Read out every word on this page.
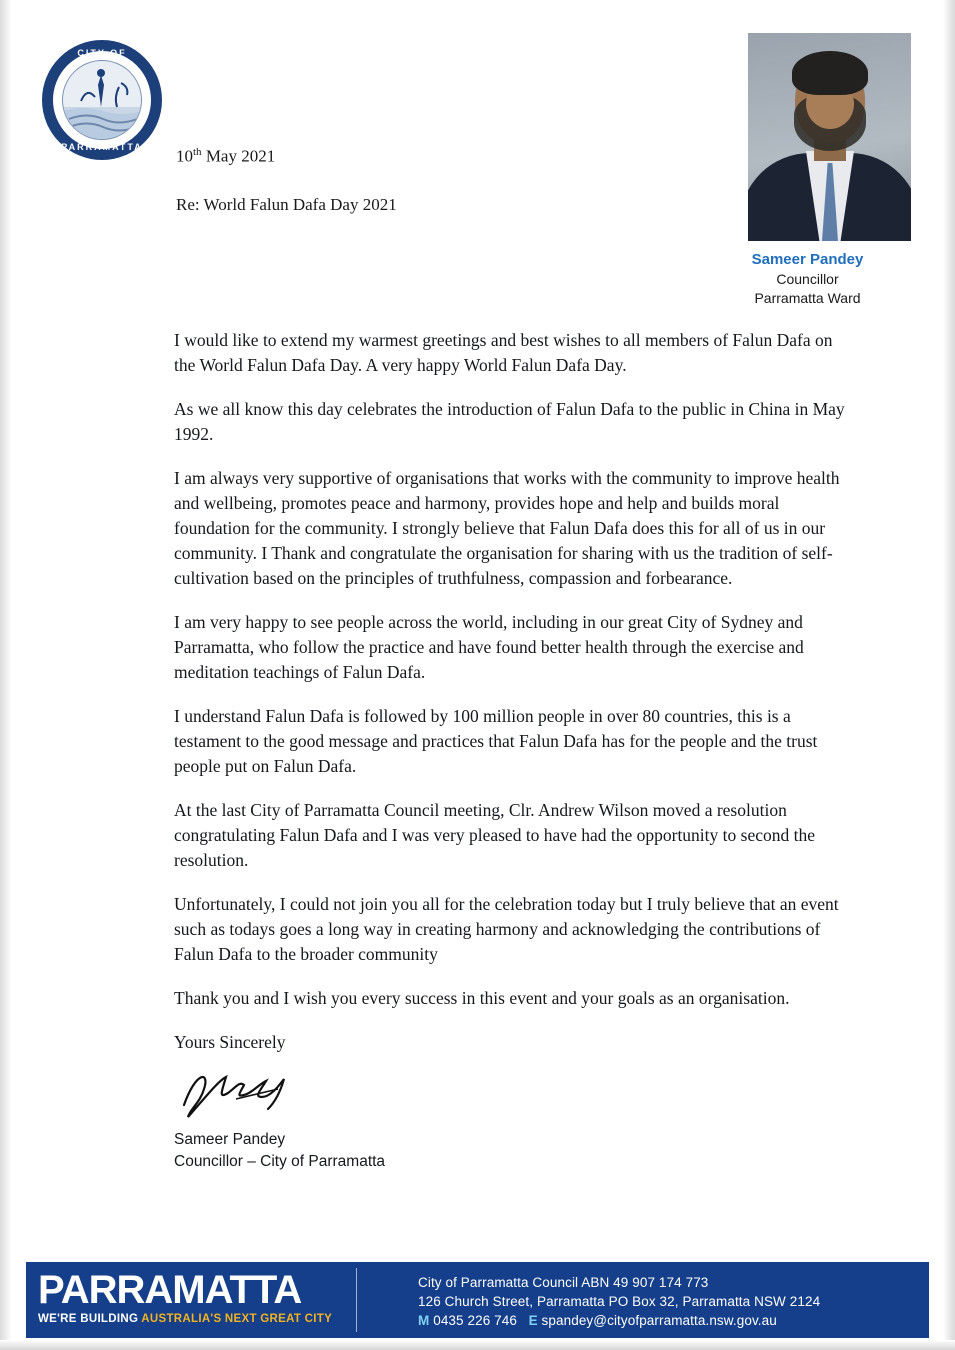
CITY OF
PARRAMATTA	10th May 2021
Re: World Falun Dafa Day 2021
Sameer Pandey
Councillor
Parramatta Ward

I would like to extend my warmest greetings and best wishes to all members of Falun Dafa on the World Falun Dafa Day. A very happy World Falun Dafa Day.

As we all know this day celebrates the introduction of Falun Dafa to the public in China in May 1992.

I am always very supportive of organisations that works with the community to improve health and wellbeing, promotes peace and harmony, provides hope and help and builds moral foundation for the community. I strongly believe that Falun Dafa does this for all of us in our community. I Thank and congratulate the organisation for sharing with us the tradition of self-cultivation based on the principles of truthfulness, compassion and forbearance.

I am very happy to see people across the world, including in our great City of Sydney and Parramatta, who follow the practice and have found better health through the exercise and meditation teachings of Falun Dafa.

I understand Falun Dafa is followed by 100 million people in over 80 countries, this is a testament to the good message and practices that Falun Dafa has for the people and the trust people put on Falun Dafa.

At the last City of Parramatta Council meeting, Clr. Andrew Wilson moved a resolution congratulating Falun Dafa and I was very pleased to have had the opportunity to second the resolution.

Unfortunately, I could not join you all for the celebration today but I truly believe that an event such as todays goes a long way in creating harmony and acknowledging the contributions of Falun Dafa to the broader community

Thank you and I wish you every success in this event and your goals as an organisation.

Yours Sincerely
Sameer Pandey
Councillor – City of Parramatta
PARRAMATTA
WE'RE BUILDING AUSTRALIA'S NEXT GREAT CITY
City of Parramatta Council ABN 49 907 174 773
126 Church Street, Parramatta PO Box 32, Parramatta NSW 2124
M 0435 226 746 E spandey@cityofparramatta.nsw.gov.au
